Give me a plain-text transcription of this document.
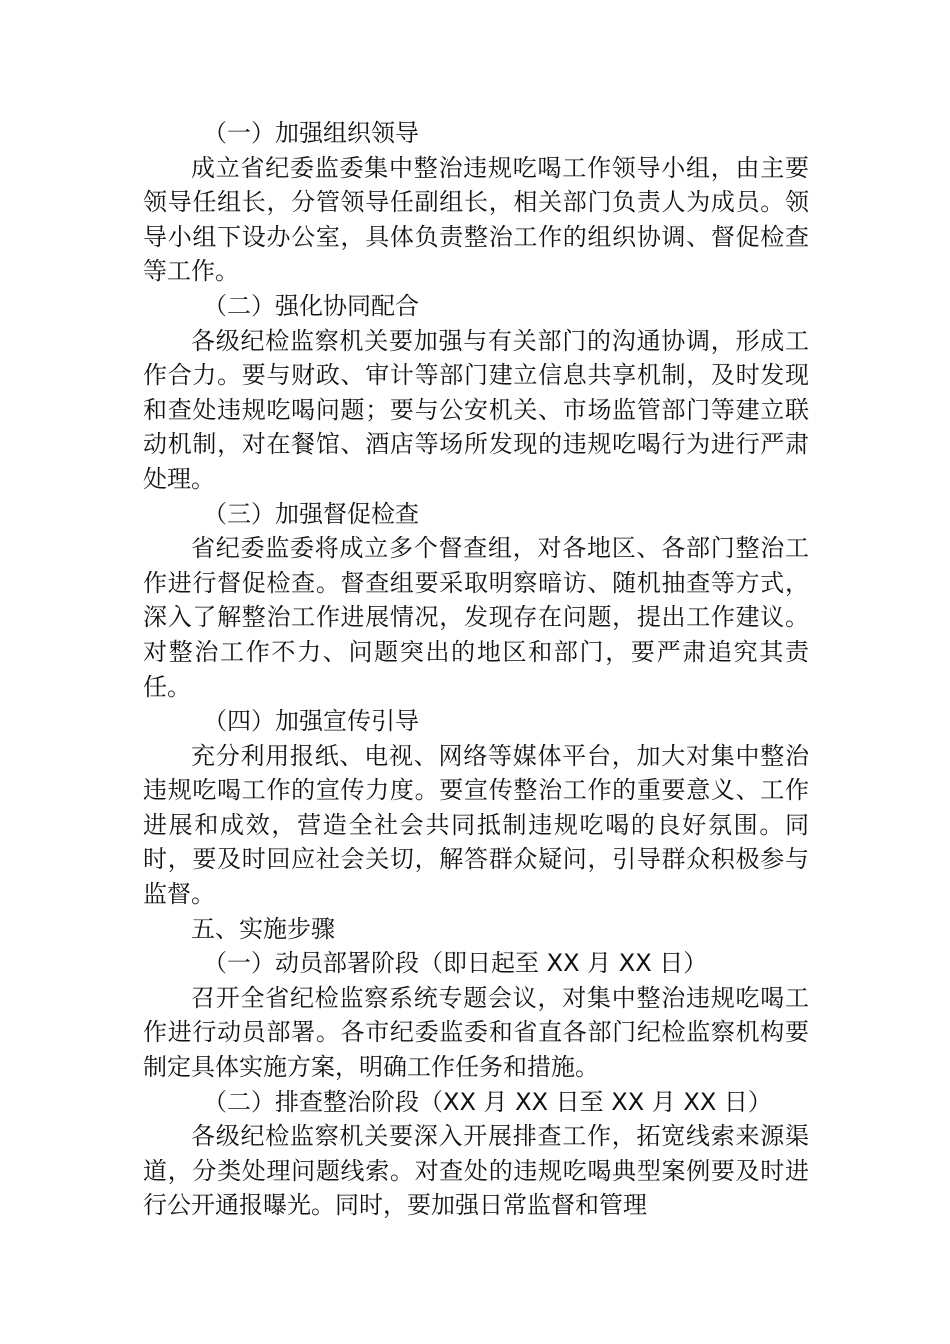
（一）加强组织领导

成立省纪委监委集中整治违规吃喝工作领导小组，由主要领导任组长，分管领导任副组长，相关部门负责人为成员。领导小组下设办公室，具体负责整治工作的组织协调、督促检查等工作。

（二）强化协同配合

各级纪检监察机关要加强与有关部门的沟通协调，形成工作合力。要与财政、审计等部门建立信息共享机制，及时发现和查处违规吃喝问题；要与公安机关、市场监管部门等建立联动机制，对在餐馆、酒店等场所发现的违规吃喝行为进行严肃处理。

（三）加强督促检查

省纪委监委将成立多个督查组，对各地区、各部门整治工作进行督促检查。督查组要采取明察暗访、随机抽查等方式，深入了解整治工作进展情况，发现存在问题，提出工作建议。对整治工作不力、问题突出的地区和部门，要严肃追究其责任。

（四）加强宣传引导

充分利用报纸、电视、网络等媒体平台，加大对集中整治违规吃喝工作的宣传力度。要宣传整治工作的重要意义、工作进展和成效，营造全社会共同抵制违规吃喝的良好氛围。同时，要及时回应社会关切，解答群众疑问，引导群众积极参与监督。

五、实施步骤

（一）动员部署阶段（即日起至 XX 月 XX 日）

召开全省纪检监察系统专题会议，对集中整治违规吃喝工作进行动员部署。各市纪委监委和省直各部门纪检监察机构要制定具体实施方案，明确工作任务和措施。

（二）排查整治阶段（XX 月 XX 日至 XX 月 XX 日）

各级纪检监察机关要深入开展排查工作，拓宽线索来源渠道，分类处理问题线索。对查处的违规吃喝典型案例要及时进行公开通报曝光。同时，要加强日常监督和管理
